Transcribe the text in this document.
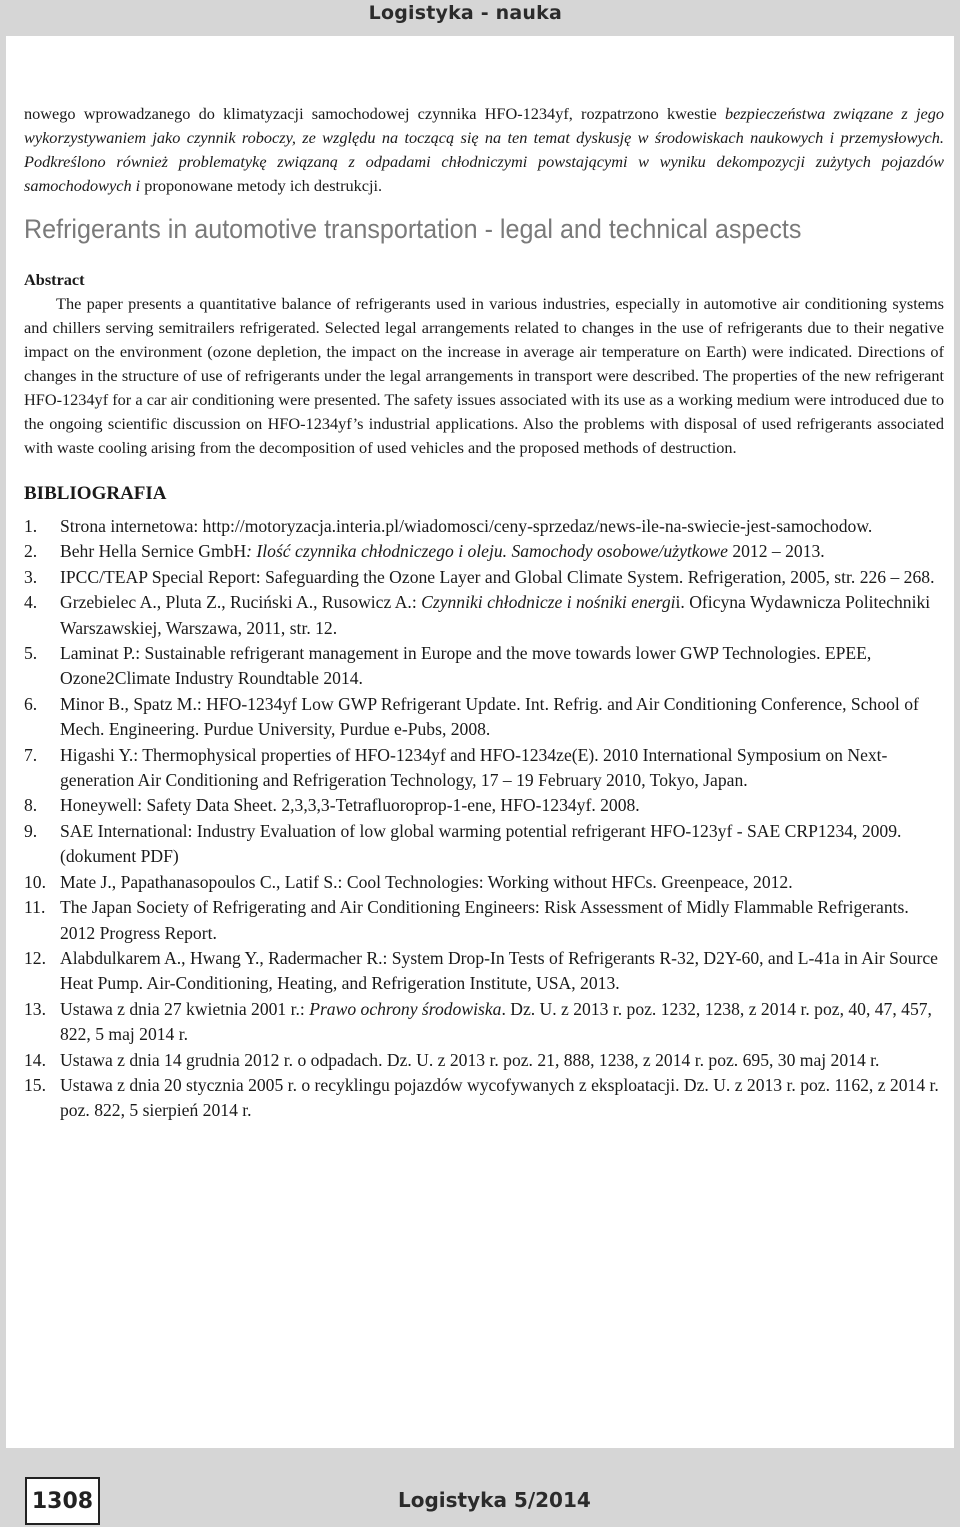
Logistyka - nauka

nowego wprowadzanego do klimatyzacji samochodowej czynnika HFO-1234yf, rozpatrzono kwestie bezpieczeństwa związane z jego wykorzystywaniem jako czynnik roboczy, ze względu na toczącą się na ten temat dyskusję w środowiskach naukowych i przemysłowych. Podkreślono również problematykę związaną z odpadami chłodniczymi powstającymi w wyniku dekompozycji zużytych pojazdów samochodowych i proponowane metody ich destrukcji.

Refrigerants in automotive transportation - legal and technical aspects
Abstract

The paper presents a quantitative balance of refrigerants used in various industries, especially in automotive air conditioning systems and chillers serving semitrailers refrigerated. Selected legal arrangements related to changes in the use of refrigerants due to their negative impact on the environment (ozone depletion, the impact on the increase in average air temperature on Earth) were indicated. Directions of changes in the structure of use of refrigerants under the legal arrangements in transport were described. The properties of the new refrigerant HFO-1234yf for a car air conditioning were presented. The safety issues associated with its use as a working medium were introduced due to the ongoing scientific discussion on HFO-1234yf’s industrial applications. Also the problems with disposal of used refrigerants associated with waste cooling arising from the decomposition of used vehicles and the proposed methods of destruction.

BIBLIOGRAFIA
1. Strona internetowa: http://motoryzacja.interia.pl/wiadomosci/ceny-sprzedaz/news-ile-na-swiecie-jest-samochodow.
2. Behr Hella Sernice GmbH: Ilość czynnika chłodniczego i oleju. Samochody osobowe/użytkowe 2012 – 2013.
3. IPCC/TEAP Special Report: Safeguarding the Ozone Layer and Global Climate System. Refrigeration, 2005, str. 226 – 268.
4. Grzebielec A., Pluta Z., Ruciński A., Rusowicz A.: Czynniki chłodnicze i nośniki energii. Oficyna Wydawnicza Politechniki Warszawskiej, Warszawa, 2011, str. 12.
5. Laminat P.: Sustainable refrigerant management in Europe and the move towards lower GWP Technologies. EPEE, Ozone2Climate Industry Roundtable 2014.
6. Minor B., Spatz M.: HFO-1234yf Low GWP Refrigerant Update. Int. Refrig. and Air Conditioning Conference, School of Mech. Engineering. Purdue University, Purdue e-Pubs, 2008.
7. Higashi Y.: Thermophysical properties of HFO-1234yf and HFO-1234ze(E). 2010 International Symposium on Next-generation Air Conditioning and Refrigeration Technology, 17 – 19 February 2010, Tokyo, Japan.
8. Honeywell: Safety Data Sheet. 2,3,3,3-Tetrafluoroprop-1-ene, HFO-1234yf. 2008.
9. SAE International: Industry Evaluation of low global warming potential refrigerant HFO-123yf - SAE CRP1234, 2009. (dokument PDF)
10. Mate J., Papathanasopoulos C., Latif S.: Cool Technologies: Working without HFCs. Greenpeace, 2012.
11. The Japan Society of Refrigerating and Air Conditioning Engineers: Risk Assessment of Midly Flammable Refrigerants. 2012 Progress Report.
12. Alabdulkarem A., Hwang Y., Radermacher R.: System Drop-In Tests of Refrigerants R-32, D2Y-60, and L-41a in Air Source Heat Pump. Air-Conditioning, Heating, and Refrigeration Institute, USA, 2013.
13. Ustawa z dnia 27 kwietnia 2001 r.: Prawo ochrony środowiska. Dz. U. z 2013 r. poz. 1232, 1238, z 2014 r. poz, 40, 47, 457, 822, 5 maj 2014 r.
14. Ustawa z dnia 14 grudnia 2012 r. o odpadach. Dz. U. z 2013 r. poz. 21, 888, 1238, z 2014 r. poz. 695, 30 maj 2014 r.
15. Ustawa z dnia 20 stycznia 2005 r. o recyklingu pojazdów wycofywanych z eksploatacji. Dz. U. z 2013 r. poz. 1162, z 2014 r. poz. 822, 5 sierpień 2014 r.
1308	Logistyka 5/2014
